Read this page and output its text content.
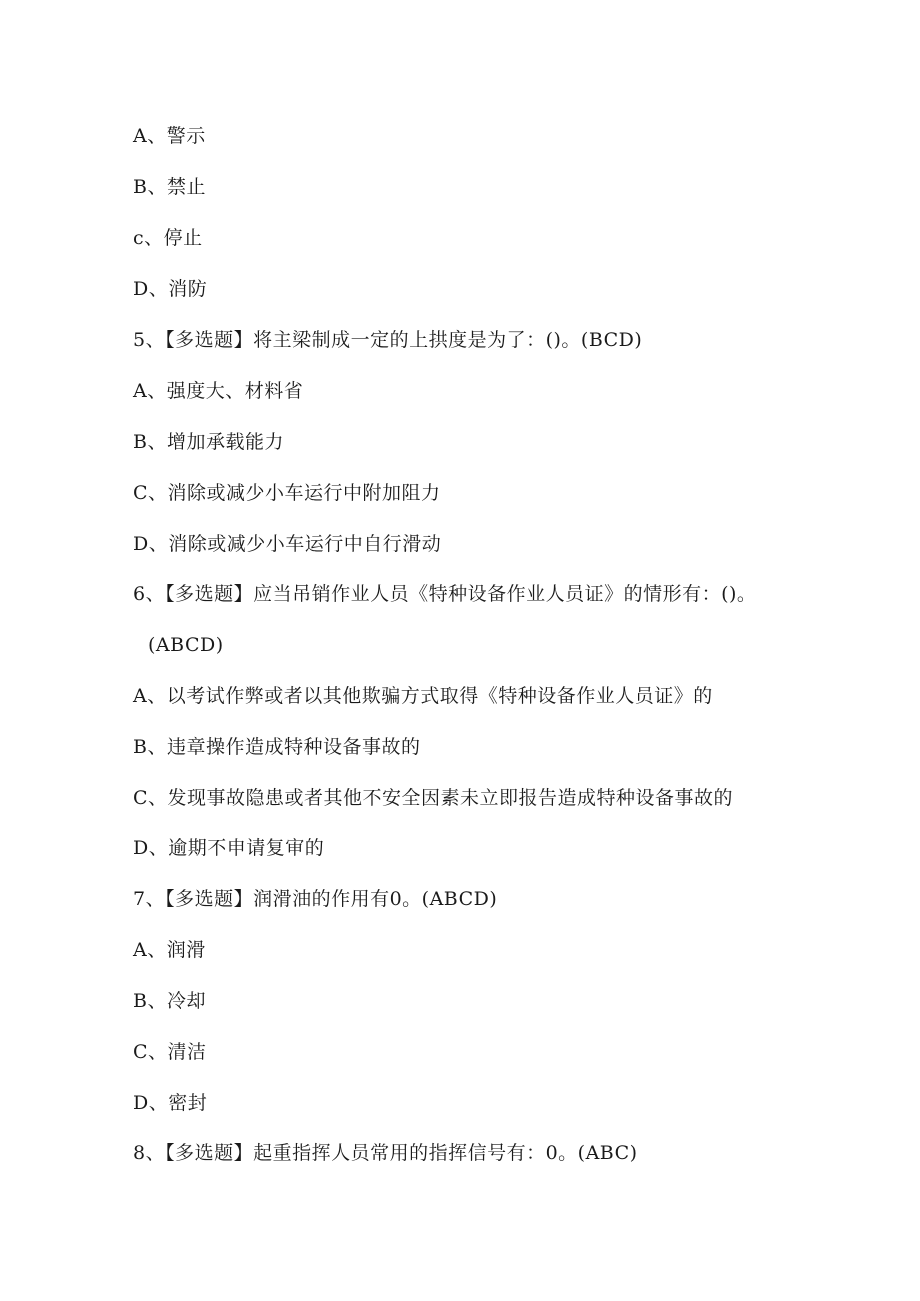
A、警示
B、禁止
c、停止
D、消防
5、【多选题】将主梁制成一定的上拱度是为了：()。(BCD)
A、强度大、材料省
B、增加承载能力
C、消除或减少小车运行中附加阻力
D、消除或减少小车运行中自行滑动
6、【多选题】应当吊销作业人员《特种设备作业人员证》的情形有：()。
(ABCD)
A、以考试作弊或者以其他欺骗方式取得《特种设备作业人员证》的
B、违章操作造成特种设备事故的
C、发现事故隐患或者其他不安全因素未立即报告造成特种设备事故的
D、逾期不申请复审的
7、【多选题】润滑油的作用有0。(ABCD)
A、润滑
B、冷却
C、清洁
D、密封
8、【多选题】起重指挥人员常用的指挥信号有：0。(ABC)
